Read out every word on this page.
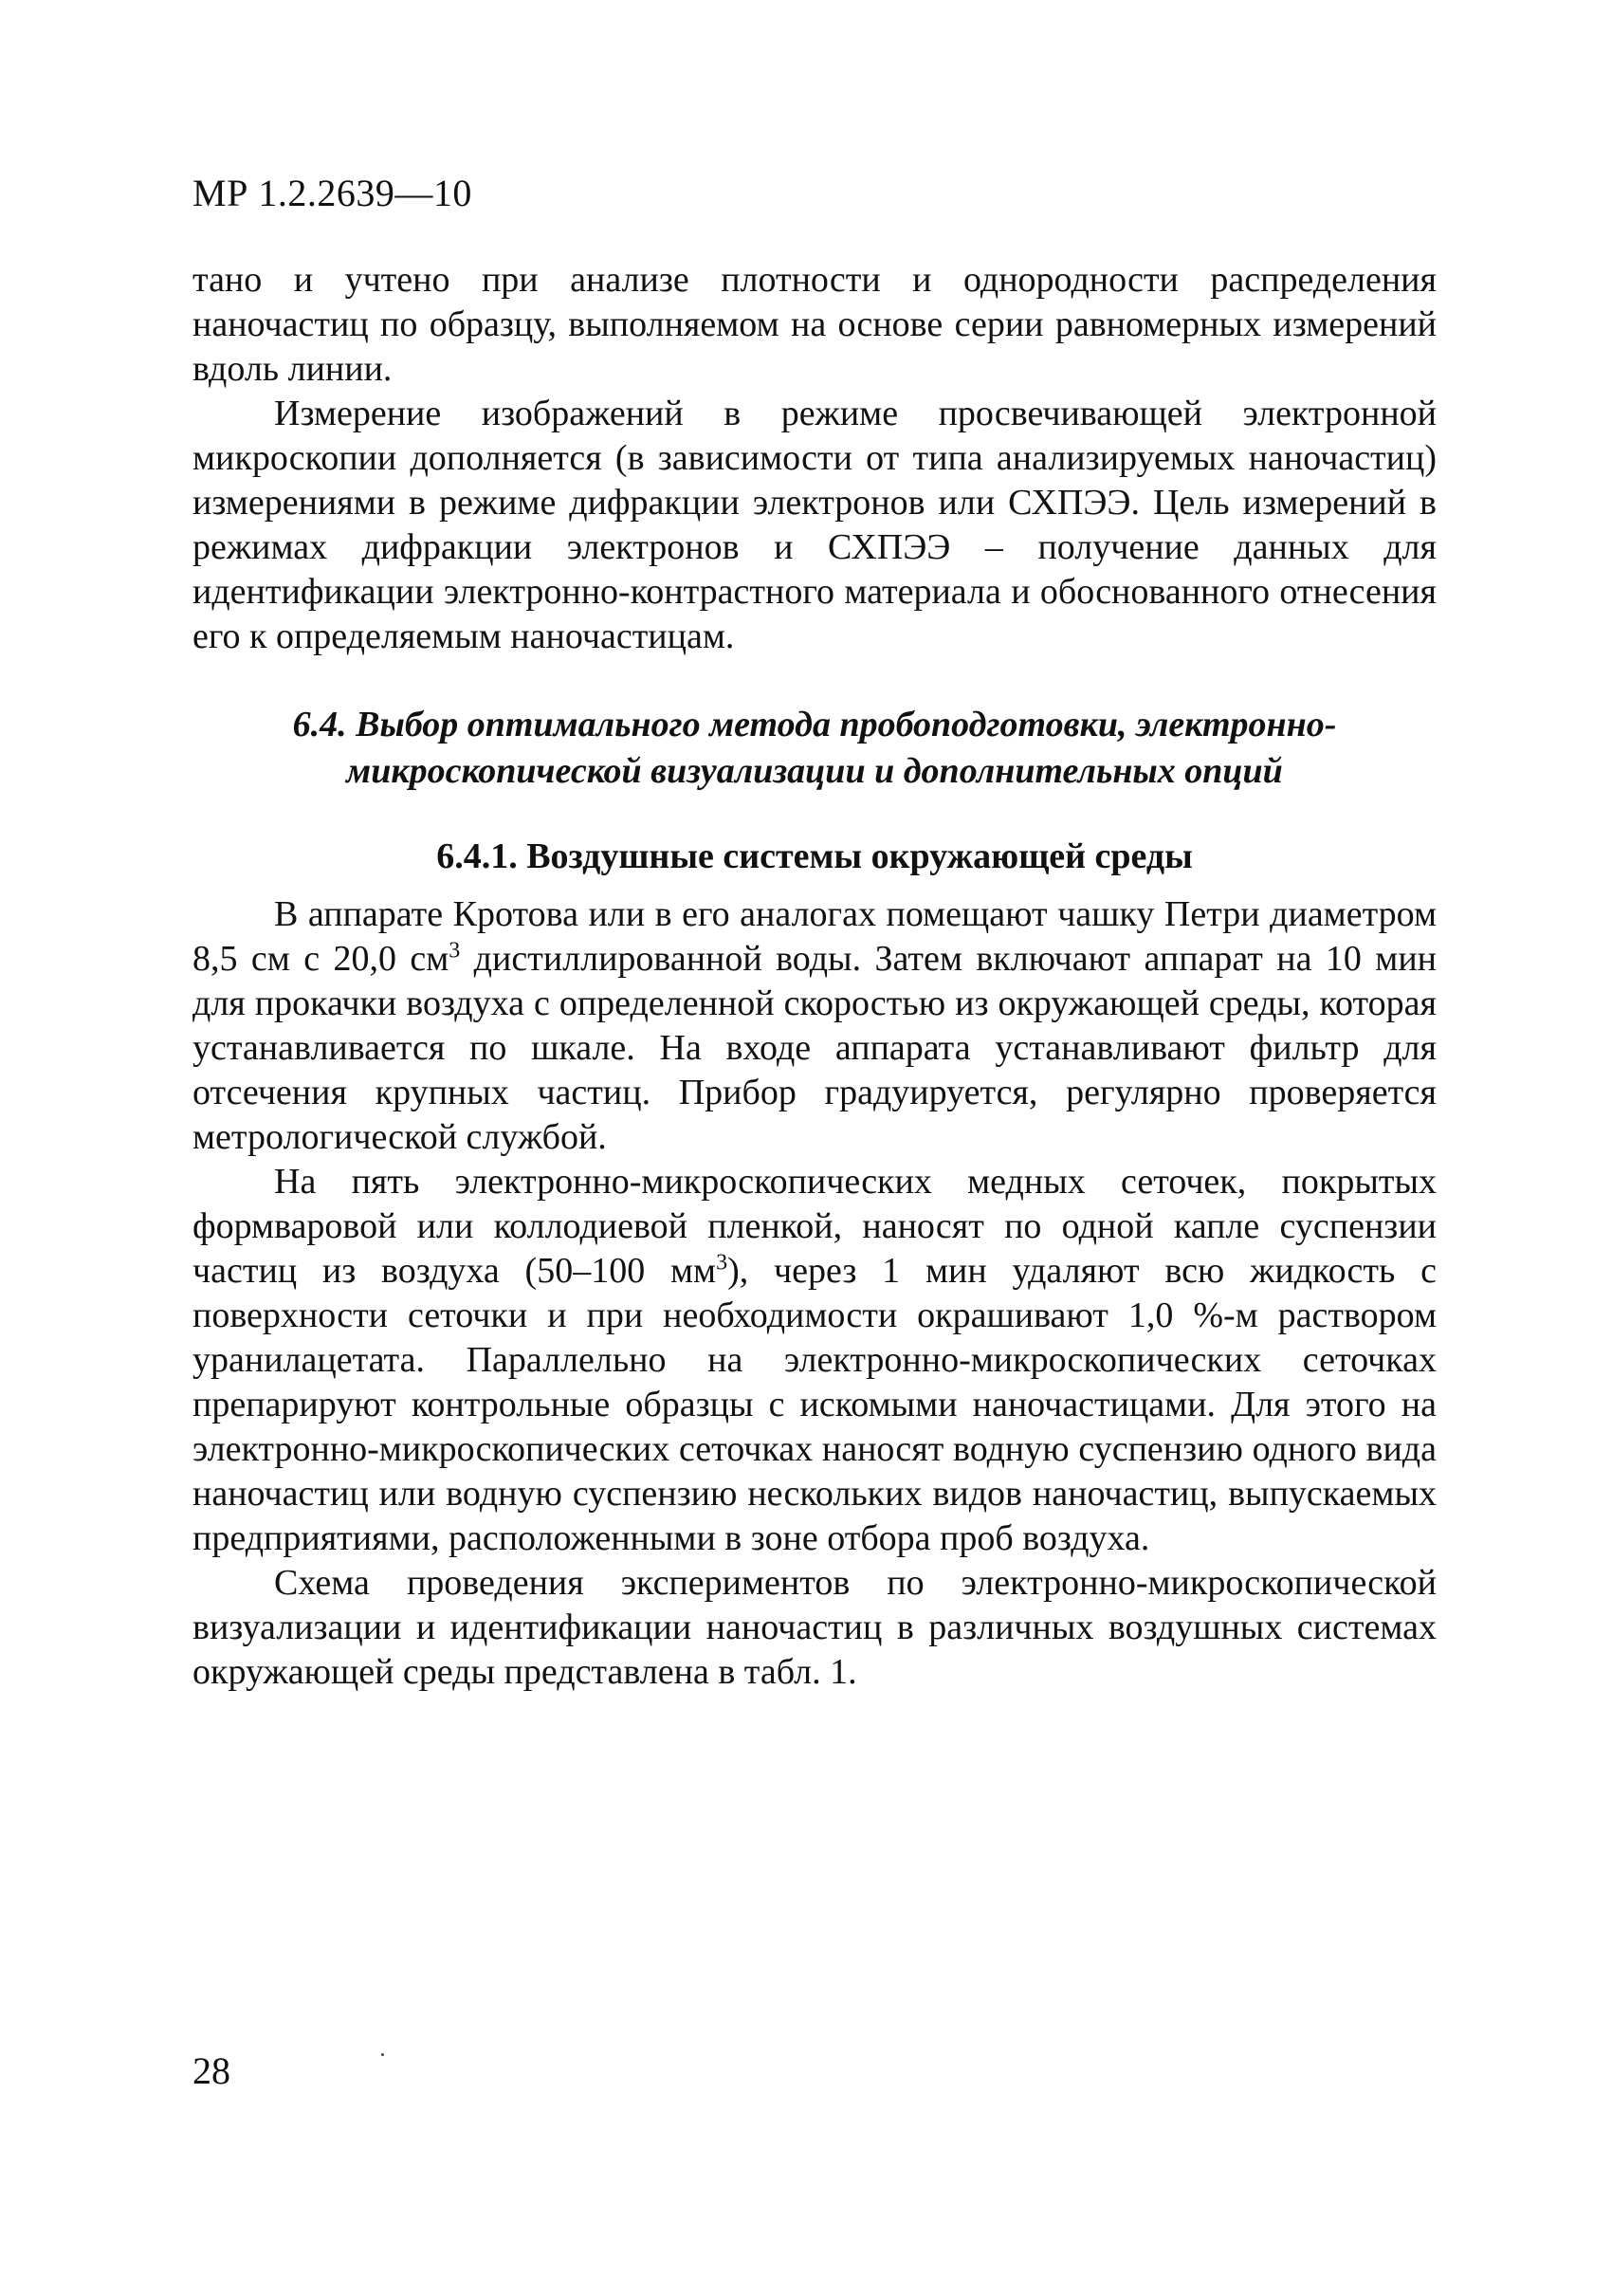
МР 1.2.2639—10

тано и учтено при анализе плотности и однородности распределения наночастиц по образцу, выполняемом на основе серии равномерных измерений вдоль линии.

Измерение изображений в режиме просвечивающей электронной микроскопии дополняется (в зависимости от типа анализируемых наночастиц) измерениями в режиме дифракции электронов или СХПЭЭ. Цель измерений в режимах дифракции электронов и СХПЭЭ – получение данных для идентификации электронно-контрастного материала и обоснованного отнесения его к определяемым наночастицам.

6.4. Выбор оптимального метода пробоподготовки, электронно-
микроскопической визуализации и дополнительных опций
6.4.1. Воздушные системы окружающей среды

В аппарате Кротова или в его аналогах помещают чашку Петри диаметром 8,5 см с 20,0 $см^3$ дистиллированной воды. Затем включают аппарат на 10 мин для прокачки воздуха с определенной скоростью из окружающей среды, которая устанавливается по шкале. На входе аппарата устанавливают фильтр для отсечения крупных частиц. Прибор градуируется, регулярно проверяется метрологической службой.

На пять электронно-микроскопических медных сеточек, покрытых формваровой или коллодиевой пленкой, наносят по одной капле суспензии частиц из воздуха (50–100 $мм^3$), через 1 мин удаляют всю жидкость с поверхности сеточки и при необходимости окрашивают 1,0 %-м раствором уранилацетата. Параллельно на электронно-микроскопических сеточках препарируют контрольные образцы с искомыми наночастицами. Для этого на электронно-микроскопических сеточках наносят водную суспензию одного вида наночастиц или водную суспензию нескольких видов наночастиц, выпускаемых предприятиями, расположенными в зоне отбора проб воздуха.

Схема проведения экспериментов по электронно-микроскопической визуализации и идентификации наночастиц в различных воздушных системах окружающей среды представлена в табл. 1.

28
